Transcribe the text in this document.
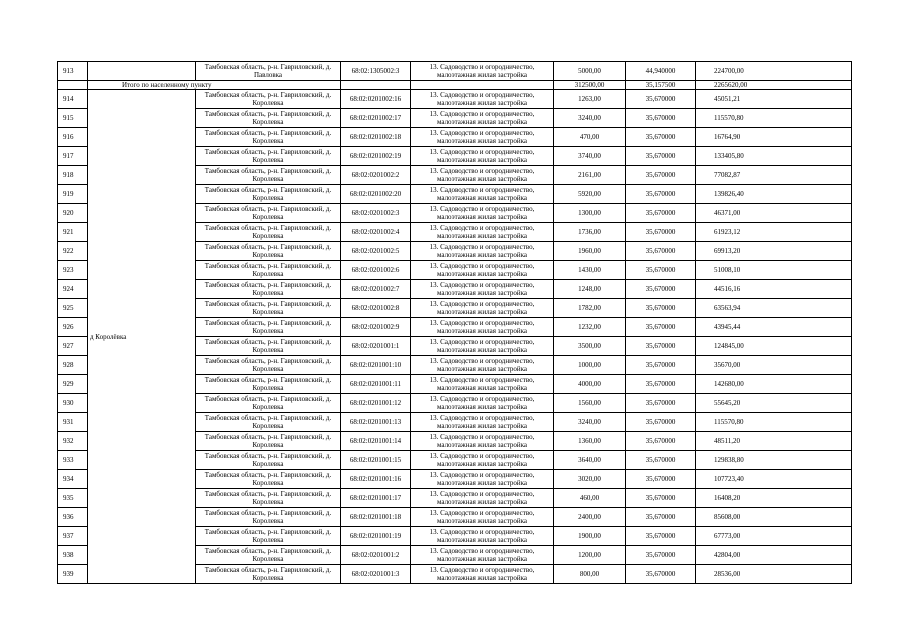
913		Тамбовская область, р-н. Гавриловский, д. Павловка	68:02:1305002:3	13. Садоводство и огородничество, малоэтажная жилая застройка	5000,00	44,940000	224700,00
	Итого по населенному пункту				312500,00	35,157500	2265620,00
914	д Королёвка	Тамбовская область, р-н. Гавриловский, д. Королевка	68:02:0201002:16	13. Садоводство и огородничество, малоэтажная жилая застройка	1263,00	35,670000	45051,21
915		Тамбовская область, р-н. Гавриловский, д. Королевка	68:02:0201002:17	13. Садоводство и огородничество, малоэтажная жилая застройка	3240,00	35,670000	115570,80
916		Тамбовская область, р-н. Гавриловский, д. Королевка	68:02:0201002:18	13. Садоводство и огородничество, малоэтажная жилая застройка	470,00	35,670000	16764,90
917		Тамбовская область, р-н. Гавриловский, д. Королевка	68:02:0201002:19	13. Садоводство и огородничество, малоэтажная жилая застройка	3740,00	35,670000	133405,80
918		Тамбовская область, р-н. Гавриловский, д. Королевка	68:02:0201002:2	13. Садоводство и огородничество, малоэтажная жилая застройка	2161,00	35,670000	77082,87
919		Тамбовская область, р-н. Гавриловский, д. Королевка	68:02:0201002:20	13. Садоводство и огородничество, малоэтажная жилая застройка	5920,00	35,670000	139826,40
920		Тамбовская область, р-н. Гавриловский, д. Королевка	68:02:0201002:3	13. Садоводство и огородничество, малоэтажная жилая застройка	1300,00	35,670000	46371,00
921		Тамбовская область, р-н. Гавриловский, д. Королевка	68:02:0201002:4	13. Садоводство и огородничество, малоэтажная жилая застройка	1736,00	35,670000	61923,12
922		Тамбовская область, р-н. Гавриловский, д. Королевка	68:02:0201002:5	13. Садоводство и огородничество, малоэтажная жилая застройка	1960,00	35,670000	69913,20
923		Тамбовская область, р-н. Гавриловский, д. Королевка	68:02:0201002:6	13. Садоводство и огородничество, малоэтажная жилая застройка	1430,00	35,670000	51008,10
924		Тамбовская область, р-н. Гавриловский, д. Королевка	68:02:0201002:7	13. Садоводство и огородничество, малоэтажная жилая застройка	1248,00	35,670000	44516,16
925		Тамбовская область, р-н. Гавриловский, д. Королевка	68:02:0201002:8	13. Садоводство и огородничество, малоэтажная жилая застройка	1782,00	35,670000	63563,94
926		Тамбовская область, р-н. Гавриловский, д. Королевка	68:02:0201002:9	13. Садоводство и огородничество, малоэтажная жилая застройка	1232,00	35,670000	43945,44
927		Тамбовская область, р-н. Гавриловский, д. Королевка	68:02:0201001:1	13. Садоводство и огородничество, малоэтажная жилая застройка	3500,00	35,670000	124845,00
928		Тамбовская область, р-н. Гавриловский, д. Королевка	68:02:0201001:10	13. Садоводство и огородничество, малоэтажная жилая застройка	1000,00	35,670000	35670,00
929		Тамбовская область, р-н. Гавриловский, д. Королевка	68:02:0201001:11	13. Садоводство и огородничество, малоэтажная жилая застройка	4000,00	35,670000	142680,00
930		Тамбовская область, р-н. Гавриловский, д. Королевка	68:02:0201001:12	13. Садоводство и огородничество, малоэтажная жилая застройка	1560,00	35,670000	55645,20
931		Тамбовская область, р-н. Гавриловский, д. Королевка	68:02:0201001:13	13. Садоводство и огородничество, малоэтажная жилая застройка	3240,00	35,670000	115570,80
932		Тамбовская область, р-н. Гавриловский, д. Королевка	68:02:0201001:14	13. Садоводство и огородничество, малоэтажная жилая застройка	1360,00	35,670000	48511,20
933		Тамбовская область, р-н. Гавриловский, д. Королевка	68:02:0201001:15	13. Садоводство и огородничество, малоэтажная жилая застройка	3640,00	35,670000	129838,80
934		Тамбовская область, р-н. Гавриловский, д. Королевка	68:02:0201001:16	13. Садоводство и огородничество, малоэтажная жилая застройка	3020,00	35,670000	107723,40
935		Тамбовская область, р-н. Гавриловский, д. Королевка	68:02:0201001:17	13. Садоводство и огородничество, малоэтажная жилая застройка	460,00	35,670000	16408,20
936		Тамбовская область, р-н. Гавриловский, д. Королевка	68:02:0201001:18	13. Садоводство и огородничество, малоэтажная жилая застройка	2400,00	35,670000	85608,00
937		Тамбовская область, р-н. Гавриловский, д. Королевка	68:02:0201001:19	13. Садоводство и огородничество, малоэтажная жилая застройка	1900,00	35,670000	67773,00
938		Тамбовская область, р-н. Гавриловский, д. Королевка	68:02:0201001:2	13. Садоводство и огородничество, малоэтажная жилая застройка	1200,00	35,670000	42804,00
939		Тамбовская область, р-н. Гавриловский, д. Королевка	68:02:0201001:3	13. Садоводство и огородничество, малоэтажная жилая застройка	800,00	35,670000	28536,00
